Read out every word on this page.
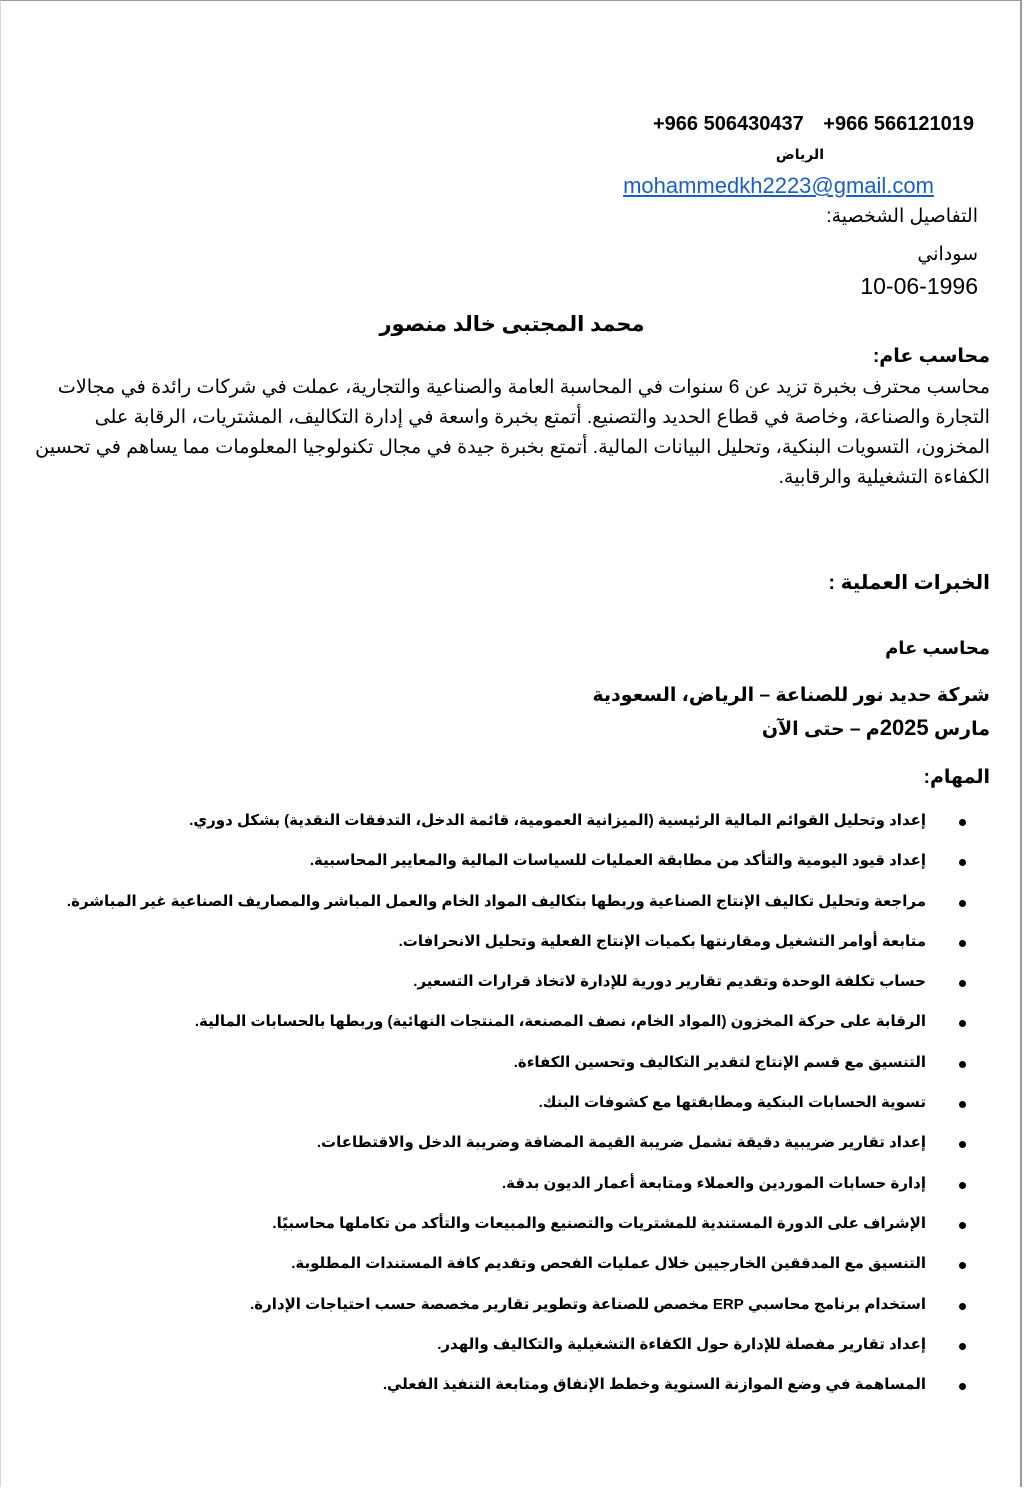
+966 506430437 +966 566121019
الرياض
mohammedkh2223@gmail.com
التفاصيل الشخصية:
سوداني
10-06-1996
محمد المجتبى خالد منصور
محاسب عام:
محاسب محترف بخبرة تزيد عن 6 سنوات في المحاسبة العامة والصناعية والتجارية، عملت في شركات رائدة في مجالات التجارة والصناعة، وخاصة في قطاع الحديد والتصنيع. أتمتع بخبرة واسعة في إدارة التكاليف، المشتريات، الرقابة على المخزون، التسويات البنكية، وتحليل البيانات المالية. أتمتع بخبرة جيدة في مجال تكنولوجيا المعلومات مما يساهم في تحسين الكفاءة التشغيلية والرقابية.
الخبرات العملية :
محاسب عام
شركة حديد نور للصناعة – الرياض، السعودية
مارس 2025م – حتى الآن
المهام:
إعداد وتحليل القوائم المالية الرئيسية (الميزانية العمومية، قائمة الدخل، التدفقات النقدية) بشكل دوري.
إعداد قيود اليومية والتأكد من مطابقة العمليات للسياسات المالية والمعايير المحاسبية.
مراجعة وتحليل تكاليف الإنتاج الصناعية وربطها بتكاليف المواد الخام والعمل المباشر والمصاريف الصناعية غير المباشرة.
متابعة أوامر التشغيل ومقارنتها بكميات الإنتاج الفعلية وتحليل الانحرافات.
حساب تكلفة الوحدة وتقديم تقارير دورية للإدارة لاتخاذ قرارات التسعير.
الرقابة على حركة المخزون (المواد الخام، نصف المصنعة، المنتجات النهائية) وربطها بالحسابات المالية.
التنسيق مع قسم الإنتاج لتقدير التكاليف وتحسين الكفاءة.
تسوية الحسابات البنكية ومطابقتها مع كشوفات البنك.
إعداد تقارير ضريبية دقيقة تشمل ضريبة القيمة المضافة وضريبة الدخل والاقتطاعات.
إدارة حسابات الموردين والعملاء ومتابعة أعمار الديون بدقة.
الإشراف على الدورة المستندية للمشتريات والتصنيع والمبيعات والتأكد من تكاملها محاسبيًا.
التنسيق مع المدققين الخارجيين خلال عمليات الفحص وتقديم كافة المستندات المطلوبة.
استخدام برنامج محاسبي ERP مخصص للصناعة وتطوير تقارير مخصصة حسب احتياجات الإدارة.
إعداد تقارير مفصلة للإدارة حول الكفاءة التشغيلية والتكاليف والهدر.
المساهمة في وضع الموازنة السنوية وخطط الإنفاق ومتابعة التنفيذ الفعلي.
